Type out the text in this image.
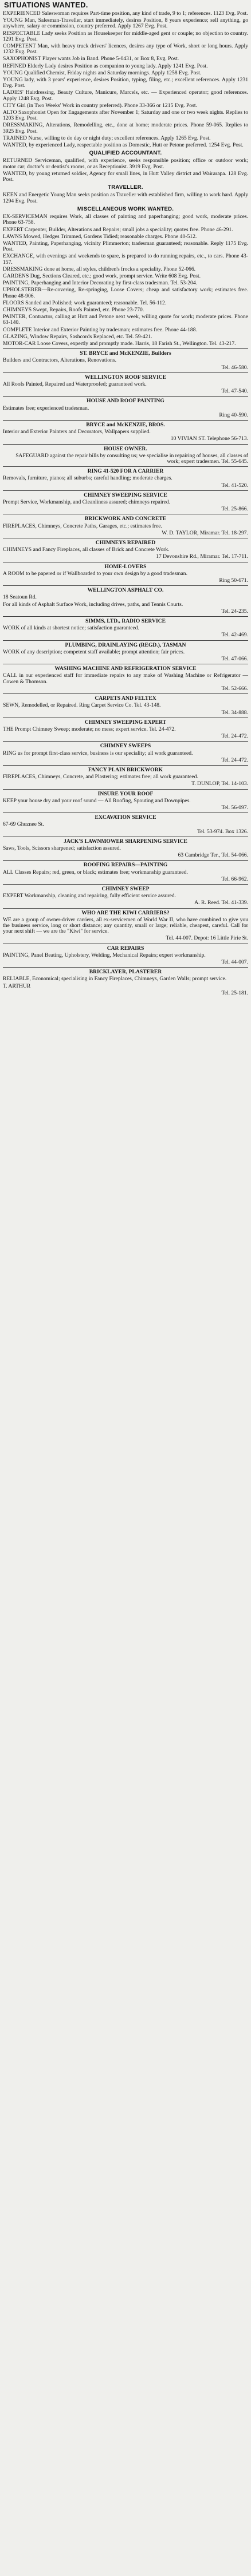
SITUATIONS WANTED.
EXPERIENCED Saleswoman requires Part-time position, any kind of trade, 9 to 1; references. 1123 Evg. Post.
YOUNG Man, Salesman-Traveller, start immediately, desires Position, 8 years experience; sell anything, go anywhere, salary or commission, country preferred. Apply 1267 Evg. Post.
RESPECTABLE Lady seeks Position as Housekeeper for middle-aged gent or couple; no objection to country. 1291 Evg. Post.
COMPETENT Man, with heavy truck drivers' licences, desires any type of Work, short or long hours. Apply 1232 Evg. Post.
SAXOPHONIST Player wants Job in Band. Phone 5-0431, or Box 8, Evg. Post.
REFINED Elderly Lady desires Position as companion to young lady. Apply 1241 Evg. Post.
YOUNG Qualified Chemist, Friday nights and Saturday mornings. Apply 1258 Evg. Post.
YOUNG lady, with 3 years' experience, desires Position, typing, filing, etc.; excellent references. Apply 1231 Evg. Post.
LADIES' Hairdressing, Beauty Culture, Manicure, Marcels, etc. — Experienced operator; good references. Apply 1248 Evg. Post.
CITY Girl (in Two Weeks' Work in country preferred). Phone 33-366 or 1215 Evg. Post.
ALTO Saxophonist Open for Engagements after November 1; Saturday and one or two week nights. Replies to 1203 Evg. Post.
DRESSMAKING, Alterations, Remodelling, etc., done at home; moderate prices. Phone 59-065. Replies to 3925 Evg. Post.
TRAINED Nurse, willing to do day or night duty; excellent references. Apply 1265 Evg. Post.
WANTED, by experienced Lady, respectable position as Domestic, Hutt or Petone preferred. 1254 Evg. Post.
QUALIFIED ACCOUNTANT.
RETURNED Serviceman, qualified, with experience, seeks responsible position; office or outdoor work; motor car; doctor's or dentist's rooms, or as Receptionist. 3919 Evg. Post.
WANTED, by young returned soldier, Agency for small lines, in Hutt Valley district and Wairarapa. 128 Evg. Post.
TRAVELLER.
KEEN and Energetic Young Man seeks position as Traveller with established firm, willing to work hard. Apply 1294 Evg. Post.
MISCELLANEOUS WORK WANTED.
EX-SERVICEMAN requires Work, all classes of painting and paperhanging; good work, moderate prices. Phone 63-758.
EXPERT Carpenter, Builder, Alterations and Repairs; small jobs a speciality; quotes free. Phone 46-291.
LAWNS Mowed, Hedges Trimmed, Gardens Tidied; reasonable charges. Phone 40-512.
WANTED, Painting, Paperhanging, vicinity Plimmerton; tradesman guaranteed; reasonable. Reply 1175 Evg. Post.
EXCHANGE, with evenings and weekends to spare, is prepared to do running repairs, etc., to cars. Phone 43-157.
DRESSMAKING done at home, all styles, children's frocks a speciality. Phone 52-066.
GARDENS Dug, Sections Cleared, etc.; good work, prompt service. Write 608 Evg. Post.
PAINTING, Paperhanging and Interior Decorating by first-class tradesman. Tel. 53-204.
UPHOLSTERER—Re-covering, Re-springing, Loose Covers; cheap and satisfactory work; estimates free. Phone 48-906.
FLOORS Sanded and Polished; work guaranteed; reasonable. Tel. 56-112.
CHIMNEYS Swept, Repairs, Roofs Painted, etc. Phone 23-770.
PAINTER, Contractor, calling at Hutt and Petone next week, willing quote for work; moderate prices. Phone 63-140.
COMPLETE Interior and Exterior Painting by tradesman; estimates free. Phone 44-188.
GLAZING, Window Repairs, Sashcords Replaced, etc. Tel. 59-421.
MOTOR-CAR Loose Covers, expertly and promptly made. Harris, 18 Farish St., Wellington. Tel. 43-217.
ST. BRYCE and McKENZIE, Builders
Builders and Contractors, Alterations, Renovations.
Tel. 46-580.
WELLINGTON ROOF SERVICE
All Roofs Painted, Repaired and Waterproofed; guaranteed work.
Tel. 47-540.
HOUSE AND ROOF PAINTING
Estimates free; experienced tradesman.
Ring 40-590.
BRYCE and McKENZIE, BROS.
Interior and Exterior Painters and Decorators, Wallpapers supplied.
10 VIVIAN ST. Telephone 56-713.
HOUSE OWNER.
SAFEGUARD against the repair bills by consulting us; we specialise in repairing of houses, all classes of work; expert tradesmen. Tel. 55-645.
RING 41-520 FOR A CARRIER
Removals, furniture, pianos; all suburbs; careful handling; moderate charges.
Tel. 41-520.
CHIMNEY SWEEPING SERVICE
Prompt Service, Workmanship, and Cleanliness assured; chimneys repaired.
Tel. 25-866.
BRICKWORK AND CONCRETE
FIREPLACES, Chimneys, Concrete Paths, Garages, etc.; estimates free.
W. D. TAYLOR, Miramar. Tel. 18-297.
CHIMNEYS REPAIRED
CHIMNEYS and Fancy Fireplaces, all classes of Brick and Concrete Work.
17 Devonshire Rd., Miramar. Tel. 17-711.
HOME-LOVERS
A ROOM to be papered or if Wallboarded to your own design by a good tradesman.
Ring 50-671.
WELLINGTON ASPHALT CO.
18 Seatoun Rd.
For all kinds of Asphalt Surface Work, including drives, paths, and Tennis Courts.
Tel. 24-235.
SIMMS, LTD., RADIO SERVICE
WORK of all kinds at shortest notice; satisfaction guaranteed.
Tel. 42-469.
PLUMBING, DRAINLAYING (REGD.), TASMAN
WORK of any description; competent staff available; prompt attention; fair prices.
Tel. 47-066.
WASHING MACHINE AND REFRIGERATION SERVICE
CALL in our experienced staff for immediate repairs to any make of Washing Machine or Refrigerator — Cowen & Thomson.
Tel. 52-666.
CARPETS AND FELTEX
SEWN, Remodelled, or Repaired. Ring Carpet Service Co. Tel. 43-148.
Tel. 34-888.
CHIMNEY SWEEPING EXPERT
THE Prompt Chimney Sweep; moderate; no mess; expert service. Tel. 24-472.
Tel. 24-472.
CHIMNEY SWEEPS
RING us for prompt first-class service, business is our speciality; all work guaranteed.
Tel. 24-472.
FANCY PLAIN BRICKWORK
FIREPLACES, Chimneys, Concrete, and Plastering; estimates free; all work guaranteed.
T. DUNLOP, Tel. 14-103.
INSURE YOUR ROOF
KEEP your house dry and your roof sound — All Roofing, Spouting and Downpipes.
Tel. 56-097.
EXCAVATION SERVICE
67-69 Ghuznee St.
Tel. 53-974. Box 1326.
JACK'S LAWNMOWER SHARPENING SERVICE
Saws, Tools, Scissors sharpened; satisfaction assured.
63 Cambridge Ter., Tel. 54-066.
ROOFING REPAIRS—PAINTING
ALL Classes Repairs; red, green, or black; estimates free; workmanship guaranteed.
Tel. 66-962.
CHIMNEY SWEEP
EXPERT Workmanship, cleaning and repairing, fully efficient service assured.
A. R. Reed. Tel. 41-339.
WHO ARE THE KIWI CARRIERS?
WE are a group of owner-driver carriers, all ex-servicemen of World War II, who have combined to give you the business service, long or short distance; any quantity, small or large; reliable, cheapest, careful. Call for your next shift — we are the "Kiwi" for service.
Tel. 44-007. Depot: 16 Little Pirie St.
CAR REPAIRS
PAINTING, Panel Beating, Upholstery, Welding, Mechanical Repairs; expert workmanship.
Tel. 44-007.
BRICKLAYER, PLASTERER
RELIABLE, Economical; specialising in Fancy Fireplaces, Chimneys, Garden Walls; prompt service.
T. ARTHUR
Tel. 25-181.
